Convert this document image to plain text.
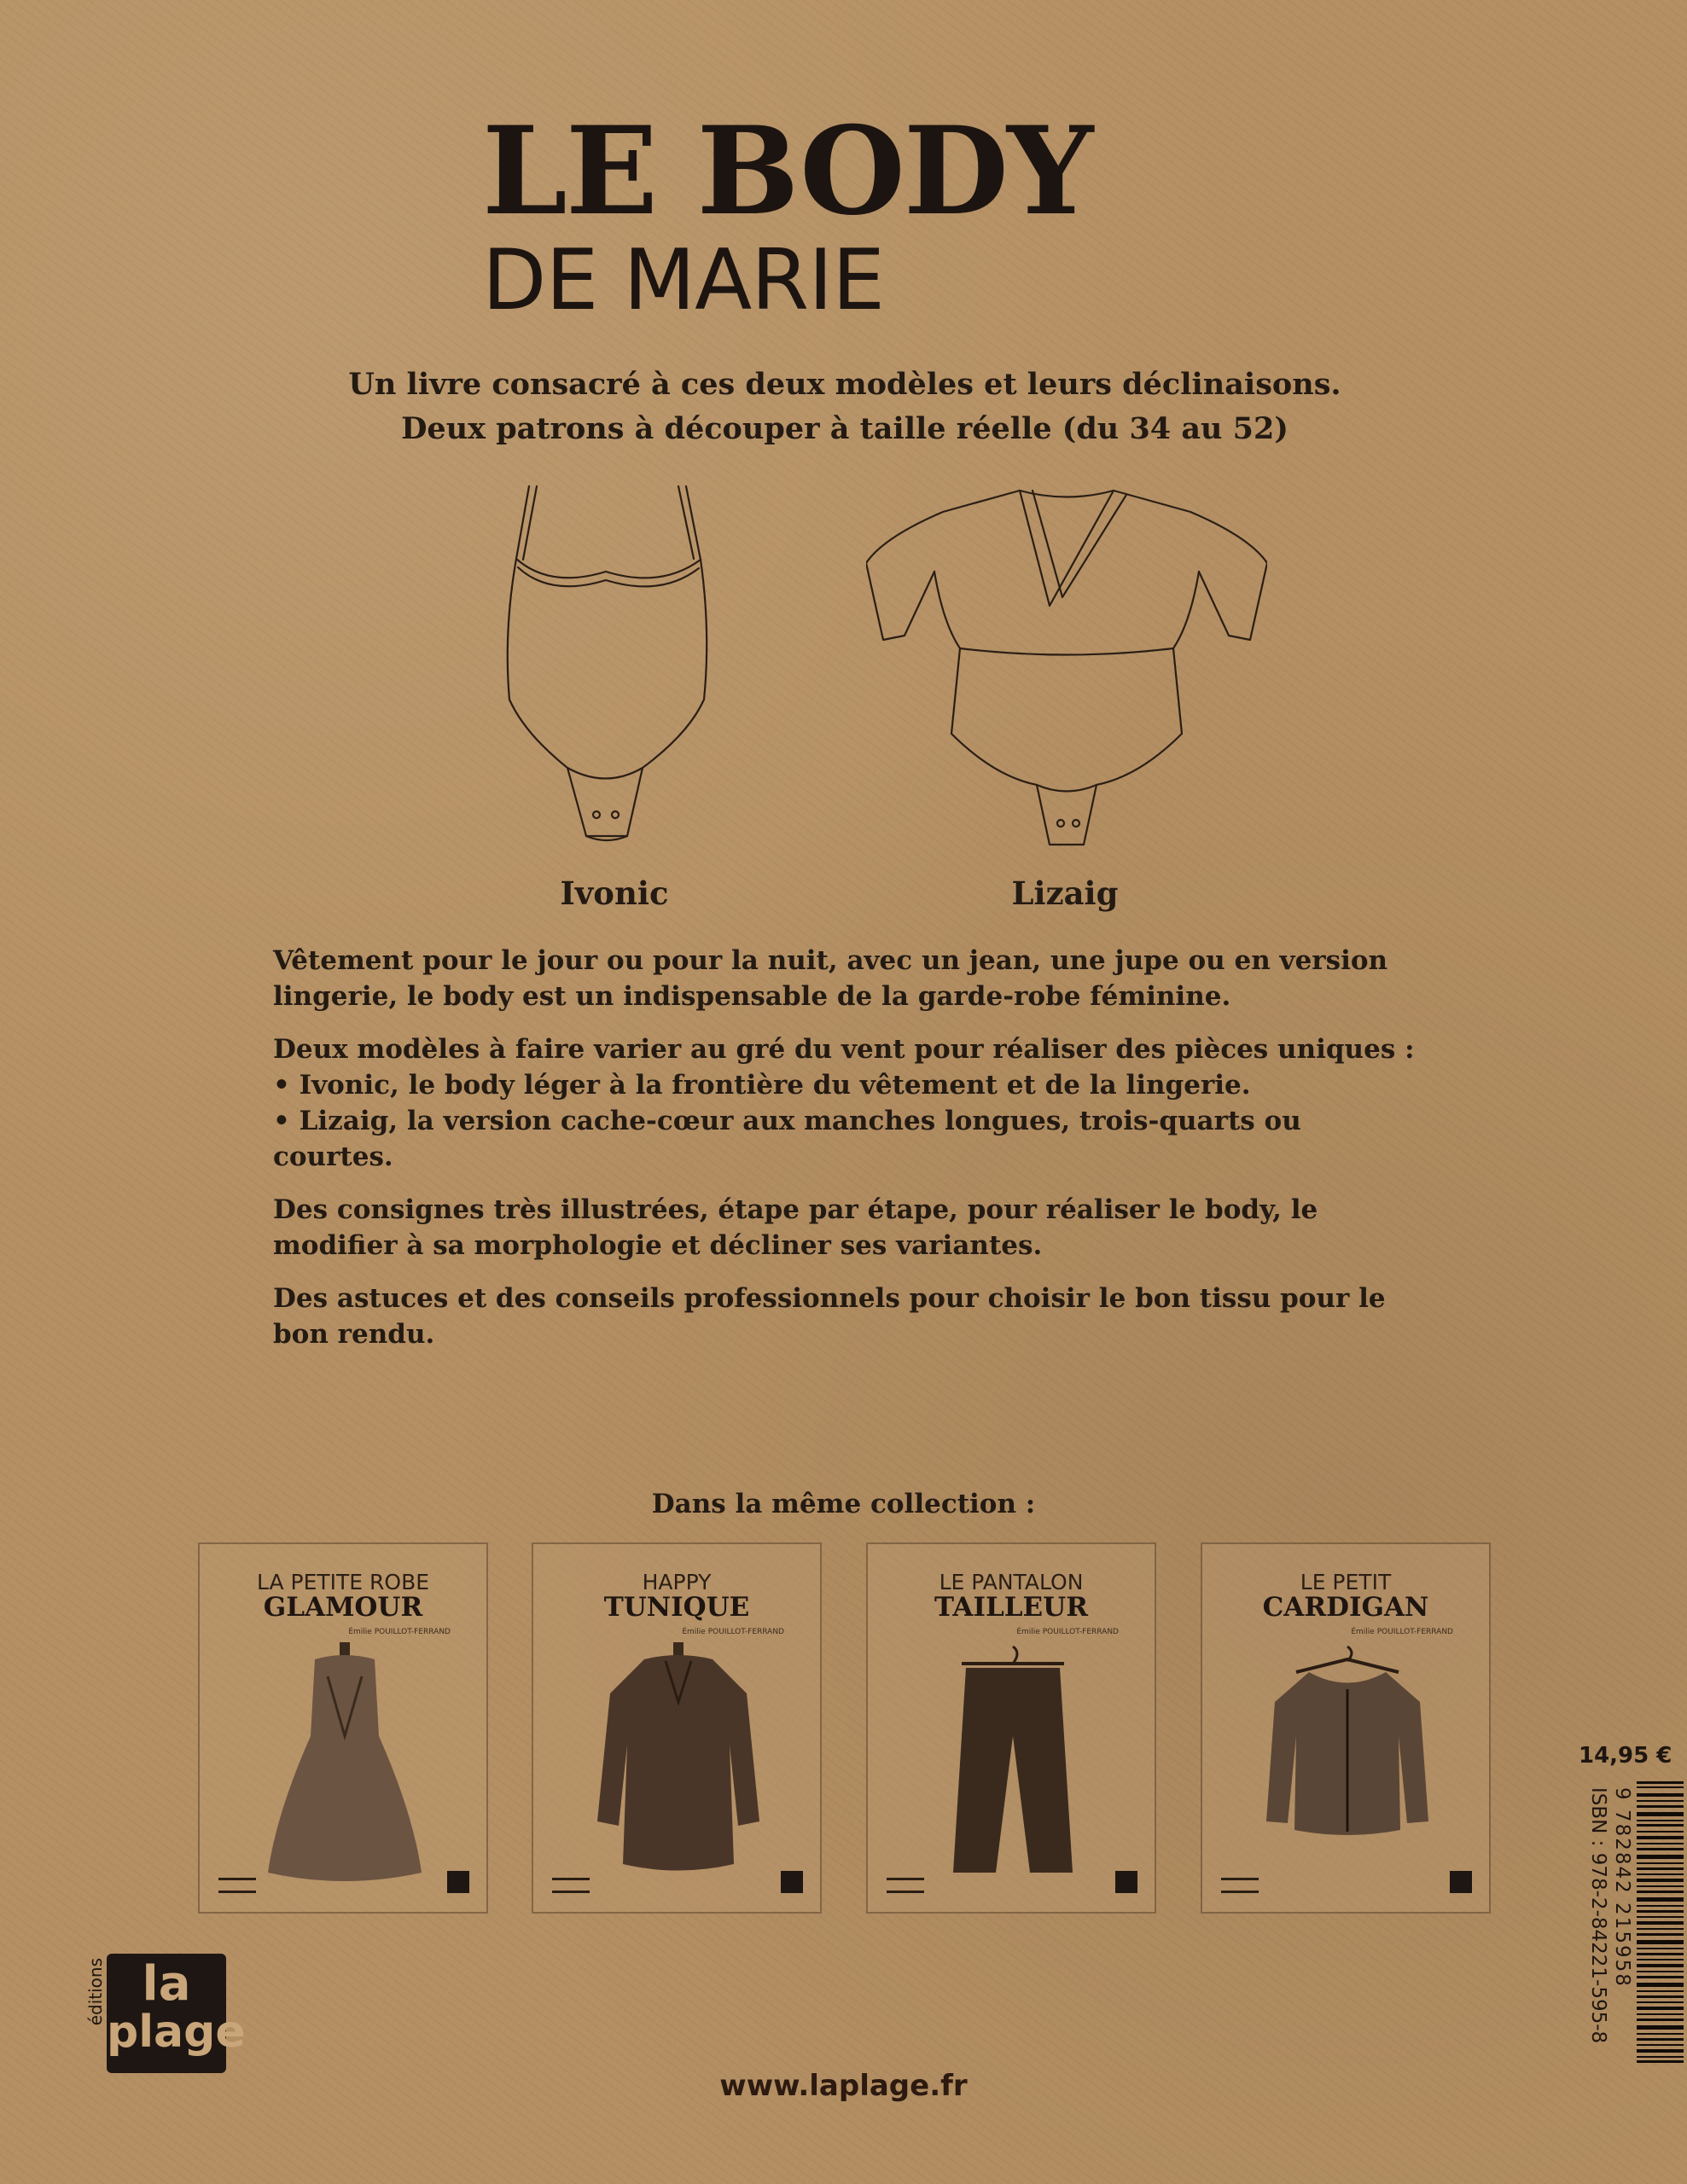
LE BODY
DE MARIE

Un livre consacré à ces deux modèles et leurs déclinaisons.

Deux patrons à découper à taille réelle (du 34 au 52)

Ivonic	Lizaig

Vêtement pour le jour ou pour la nuit, avec un jean, une jupe ou en version lingerie, le body est un indispensable de la garde-robe féminine.

Deux modèles à faire varier au gré du vent pour réaliser des pièces uniques :
• Ivonic, le body léger à la frontière du vêtement et de la lingerie.
• Lizaig, la version cache-cœur aux manches longues, trois-quarts ou courtes.

Des consignes très illustrées, étape par étape, pour réaliser le body, le modifier à sa morphologie et décliner ses variantes.

Des astuces et des conseils professionnels pour choisir le bon tissu pour le bon rendu.

Dans la même collection :
LA PETITE ROBE
GLAMOUR
Émilie POUILLOT-FERRAND
HAPPY
TUNIQUE
Émilie POUILLOT-FERRAND
LE PANTALON
TAILLEUR
Émilie POUILLOT-FERRAND
LE PETIT
CARDIGAN
Émilie POUILLOT-FERRAND
14,95 €
ISBN : 978-2-84221-595-8 9 782842 215958
éditions la
plage
www.laplage.fr
